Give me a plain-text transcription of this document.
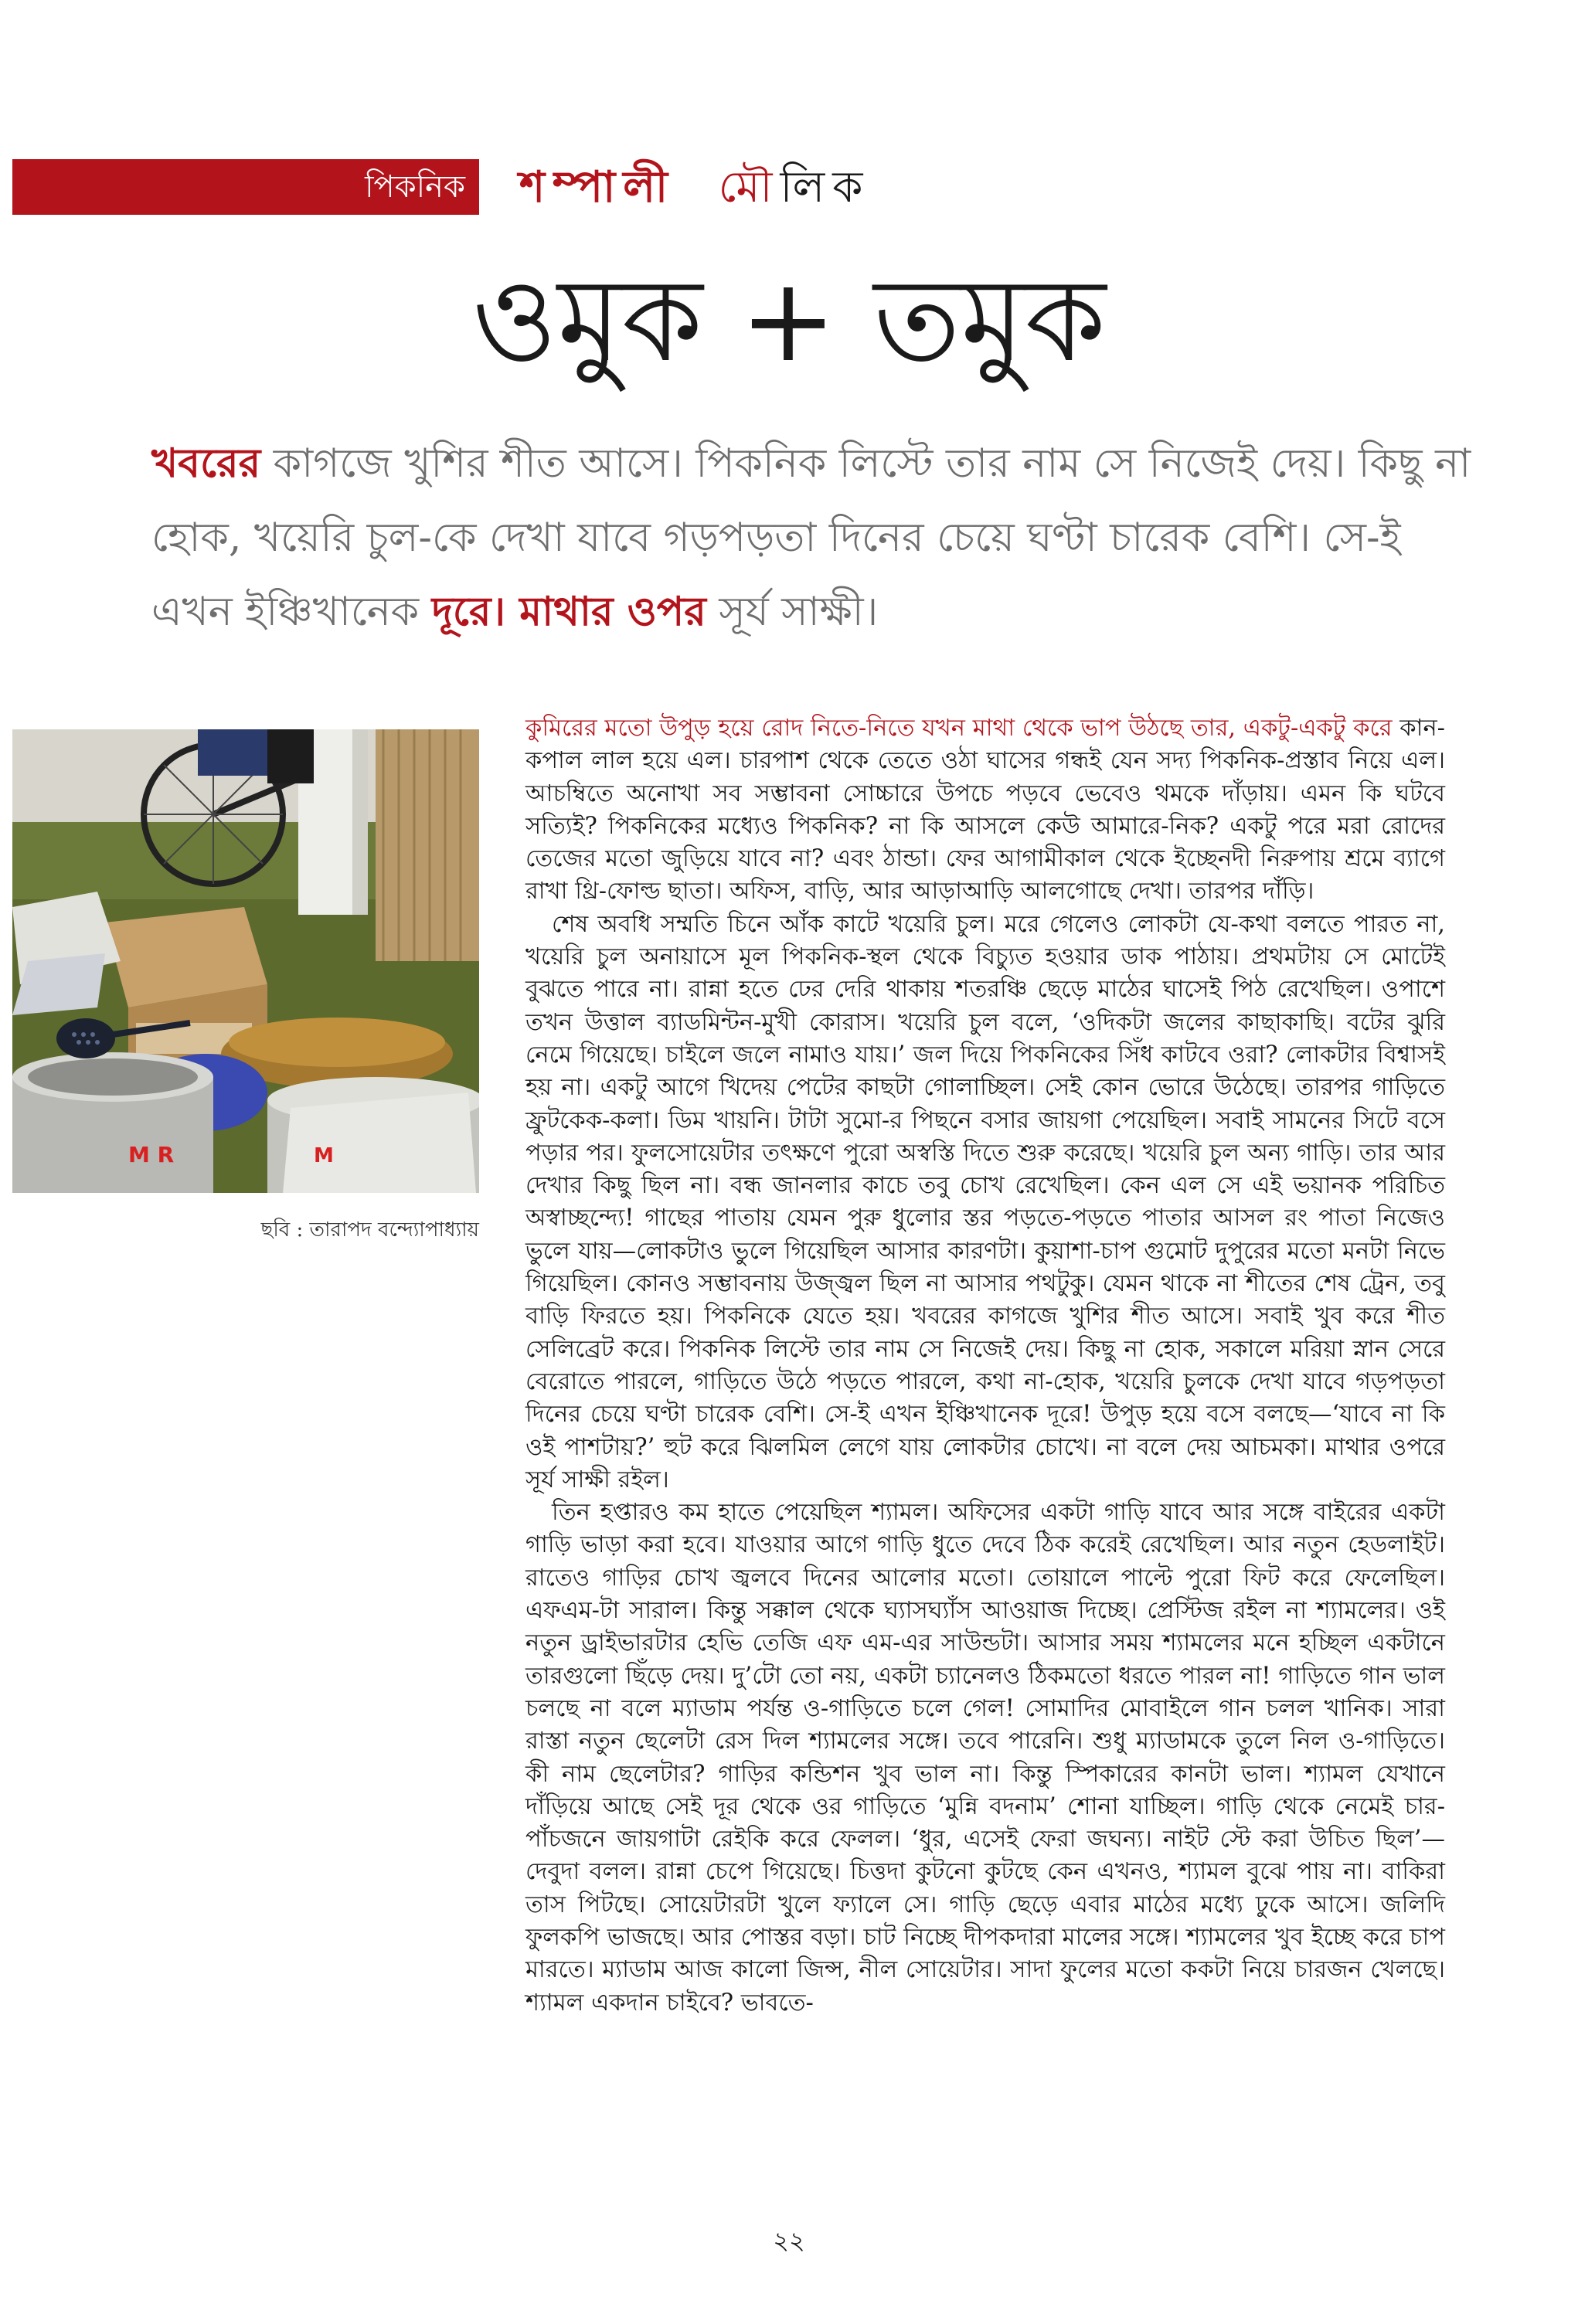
পিকনিক শম্পালী মৌলিক
ওমুক + তমুক
খবরের কাগজে খুশির শীত আসে। পিকনিক লিস্টে তার নাম সে নিজেই দেয়। কিছু না হোক, খয়েরি চুল-কে দেখা যাবে গড়পড়তা দিনের চেয়ে ঘণ্টা চারেক বেশি। সে-ই এখন ইঞ্চিখানেক দূরে। মাথার ওপর সূর্য সাক্ষী।
M R	M
ছবি : তারাপদ বন্দ্যোপাধ্যায়

কুমিরের মতো উপুড় হয়ে রোদ নিতে-নিতে যখন মাথা থেকে ভাপ উঠছে তার, একটু-একটু করে কান-কপাল লাল হয়ে এল। চারপাশ থেকে তেতে ওঠা ঘাসের গন্ধই যেন সদ্য পিকনিক-প্রস্তাব নিয়ে এল। আচম্বিতে অনোখা সব সম্ভাবনা সোচ্চারে উপচে পড়বে ভেবেও থমকে দাঁড়ায়। এমন কি ঘটবে সত্যিই? পিকনিকের মধ্যেও পিকনিক? না কি আসলে কেউ আমারে-নিক? একটু পরে মরা রোদের তেজের মতো জুড়িয়ে যাবে না? এবং ঠান্ডা। ফের আগামীকাল থেকে ইচ্ছেনদী নিরুপায় শ্রমে ব্যাগে রাখা থ্রি-ফোল্ড ছাতা। অফিস, বাড়ি, আর আড়াআড়ি আলগোছে দেখা। তারপর দাঁড়ি।

শেষ অবধি সম্মতি চিনে আঁক কাটে খয়েরি চুল। মরে গেলেও লোকটা যে-কথা বলতে পারত না, খয়েরি চুল অনায়াসে মূল পিকনিক-স্থল থেকে বিচ্যুত হওয়ার ডাক পাঠায়। প্রথমটায় সে মোটেই বুঝতে পারে না। রান্না হতে ঢের দেরি থাকায় শতরঞ্চি ছেড়ে মাঠের ঘাসেই পিঠ রেখেছিল। ওপাশে তখন উত্তাল ব্যাডমিন্টন-মুখী কোরাস। খয়েরি চুল বলে, ‘ওদিকটা জলের কাছাকাছি। বটের ঝুরি নেমে গিয়েছে। চাইলে জলে নামাও যায়।’ জল দিয়ে পিকনিকের সিঁধ কাটবে ওরা? লোকটার বিশ্বাসই হয় না। একটু আগে খিদেয় পেটের কাছটা গোলাচ্ছিল। সেই কোন ভোরে উঠেছে। তারপর গাড়িতে ফ্রুটকেক-কলা। ডিম খায়নি। টাটা সুমো-র পিছনে বসার জায়গা পেয়েছিল। সবাই সামনের সিটে বসে পড়ার পর। ফুলসোয়েটার তৎক্ষণে পুরো অস্বস্তি দিতে শুরু করেছে। খয়েরি চুল অন্য গাড়ি। তার আর দেখার কিছু ছিল না। বন্ধ জানলার কাচে তবু চোখ রেখেছিল। কেন এল সে এই ভয়ানক পরিচিত অস্বাচ্ছন্দ্যে! গাছের পাতায় যেমন পুরু ধুলোর স্তর পড়তে-পড়তে পাতার আসল রং পাতা নিজেও ভুলে যায়—লোকটাও ভুলে গিয়েছিল আসার কারণটা। কুয়াশা-চাপ গুমোট দুপুরের মতো মনটা নিভে গিয়েছিল। কোনও সম্ভাবনায় উজ্জ্বল ছিল না আসার পথটুকু। যেমন থাকে না শীতের শেষ ট্রেন, তবু বাড়ি ফিরতে হয়। পিকনিকে যেতে হয়। খবরের কাগজে খুশির শীত আসে। সবাই খুব করে শীত সেলিব্রেট করে। পিকনিক লিস্টে তার নাম সে নিজেই দেয়। কিছু না হোক, সকালে মরিয়া স্নান সেরে বেরোতে পারলে, গাড়িতে উঠে পড়তে পারলে, কথা না-হোক, খয়েরি চুলকে দেখা যাবে গড়পড়তা দিনের চেয়ে ঘণ্টা চারেক বেশি। সে-ই এখন ইঞ্চিখানেক দূরে! উপুড় হয়ে বসে বলছে—‘যাবে না কি ওই পাশটায়?’ হুট করে ঝিলমিল লেগে যায় লোকটার চোখে। না বলে দেয় আচমকা। মাথার ওপরে সূর্য সাক্ষী রইল।

তিন হপ্তারও কম হাতে পেয়েছিল শ্যামল। অফিসের একটা গাড়ি যাবে আর সঙ্গে বাইরের একটা গাড়ি ভাড়া করা হবে। যাওয়ার আগে গাড়ি ধুতে দেবে ঠিক করেই রেখেছিল। আর নতুন হেডলাইট। রাতেও গাড়ির চোখ জ্বলবে দিনের আলোর মতো। তোয়ালে পাল্টে পুরো ফিট করে ফেলেছিল। এফএম-টা সারাল। কিন্তু সক্কাল থেকে ঘ্যাসঘ্যাঁস আওয়াজ দিচ্ছে। প্রেস্টিজ রইল না শ্যামলের। ওই নতুন ড্রাইভারটার হেভি তেজি এফ এম-এর সাউন্ডটা। আসার সময় শ্যামলের মনে হচ্ছিল একটানে তারগুলো ছিঁড়ে দেয়। দু’টো তো নয়, একটা চ্যানেলও ঠিকমতো ধরতে পারল না! গাড়িতে গান ভাল চলছে না বলে ম্যাডাম পর্যন্ত ও-গাড়িতে চলে গেল! সোমাদির মোবাইলে গান চলল খানিক। সারা রাস্তা নতুন ছেলেটা রেস দিল শ্যামলের সঙ্গে। তবে পারেনি। শুধু ম্যাডামকে তুলে নিল ও-গাড়িতে। কী নাম ছেলেটার? গাড়ির কন্ডিশন খুব ভাল না। কিন্তু স্পিকারের কানটা ভাল। শ্যামল যেখানে দাঁড়িয়ে আছে সেই দূর থেকে ওর গাড়িতে ‘মুন্নি বদনাম’ শোনা যাচ্ছিল। গাড়ি থেকে নেমেই চার-পাঁচজনে জায়গাটা রেইকি করে ফেলল। ‘ধুর, এসেই ফেরা জঘন্য। নাইট স্টে করা উচিত ছিল’—দেবুদা বলল। রান্না চেপে গিয়েছে। চিত্তদা কুটনো কুটছে কেন এখনও, শ্যামল বুঝে পায় না। বাকিরা তাস পিটছে। সোয়েটারটা খুলে ফ্যালে সে। গাড়ি ছেড়ে এবার মাঠের মধ্যে ঢুকে আসে। জলিদি ফুলকপি ভাজছে। আর পোস্তর বড়া। চাট নিচ্ছে দীপকদারা মালের সঙ্গে। শ্যামলের খুব ইচ্ছে করে চাপ মারতে। ম্যাডাম আজ কালো জিন্স, নীল সোয়েটার। সাদা ফুলের মতো ককটা নিয়ে চারজন খেলছে। শ্যামল একদান চাইবে? ভাবতে-

২২
